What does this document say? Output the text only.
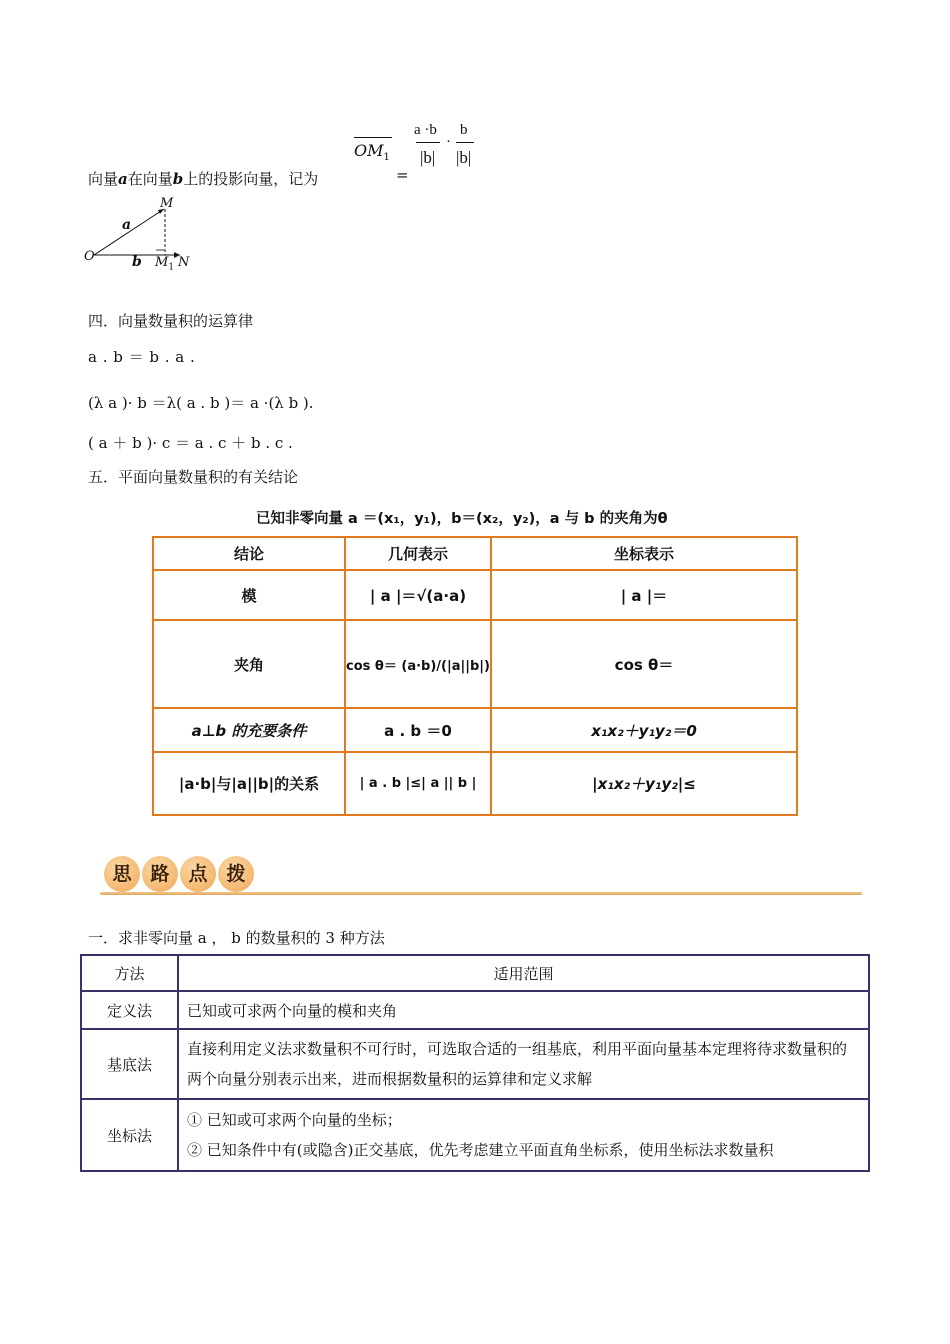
向量a在向量b上的投影向量，记为
$OM_1$
=
a ·b
|b|
·
b
|b|
a
b
M
O	$M_1$ N
四．向量数量积的运算律
a . b ＝ b . a .
(λ a )· b ＝λ( a . b )＝ a ·(λ b ).
( a ＋ b )· c ＝ a . c ＋ b . c .
五．平面向量数量积的有关结论
已知非零向量 a ＝(x₁，y₁)，b＝(x₂，y₂)，a 与 b 的夹角为θ
结论	几何表示	坐标表示
模	| a |＝√(a·a)	| a |＝
夹角	cos θ＝ (a·b)/(|a||b|)	cos θ＝
a⊥b 的充要条件	a . b ＝0	x₁x₂＋y₁y₂＝0
|a·b|与|a||b|的关系	| a . b |≤| a || b |	|x₁x₂＋y₁y₂|≤
思 路 点 拨
一．求非零向量 a ， b 的数量积的 3 种方法
方法	适用范围
定义法	已知或可求两个向量的模和夹角
基底法	直接利用定义法求数量积不可行时，可选取合适的一组基底，利用平面向量基本定理将待求数量积的两个向量分别表示出来，进而根据数量积的运算律和定义求解
坐标法	① 已知或可求两个向量的坐标；
② 已知条件中有(或隐含)正交基底，优先考虑建立平面直角坐标系，使用坐标法求数量积
